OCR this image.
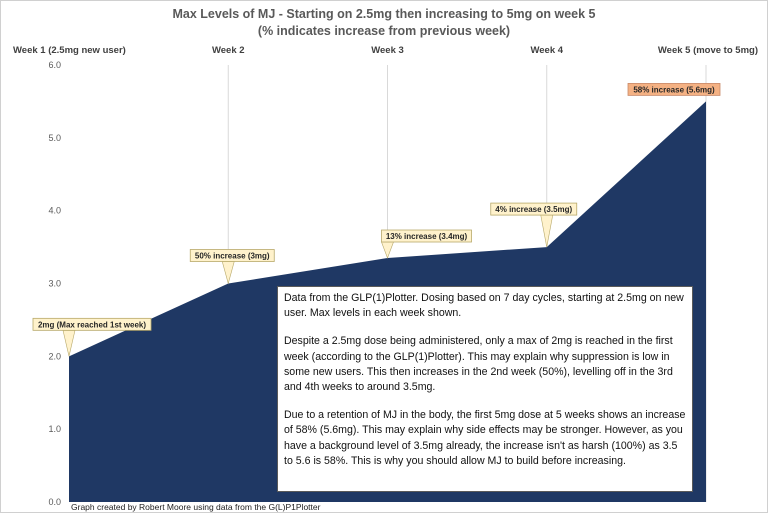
Max Levels of MJ - Starting on 2.5mg then increasing to 5mg on week 5
(% indicates increase from previous week)
0.0
1.0
2.0
3.0
4.0
5.0
6.0
Week 1 (2.5mg new user)	Week 2	Week 3	Week 4	Week 5 (move to 5mg)
2mg (Max reached 1st week)
50% increase (3mg)
13% increase (3.4mg)
4% increase (3.5mg)
58% increase (5.6mg)

Data from the GLP(1)Plotter. Dosing based on 7 day cycles, starting at 2.5mg on new user. Max levels in each week shown.

Despite a 2.5mg dose being administered, only a max of 2mg is reached in the first week (according to the GLP(1)Plotter). This may explain why suppression is low in some new users. This then increases in the 2nd week (50%), levelling off in the 3rd and 4th weeks to around 3.5mg.

Due to a retention of MJ in the body, the first 5mg dose at 5 weeks shows an increase of 58% (5.6mg). This may explain why side effects may be stronger. However, as you have a background level of 3.5mg already, the increase isn't as harsh (100%) as 3.5 to 5.6 is 58%. This is why you should allow MJ to build before increasing.

Graph created by Robert Moore using data from the G(L)P1Plotter
